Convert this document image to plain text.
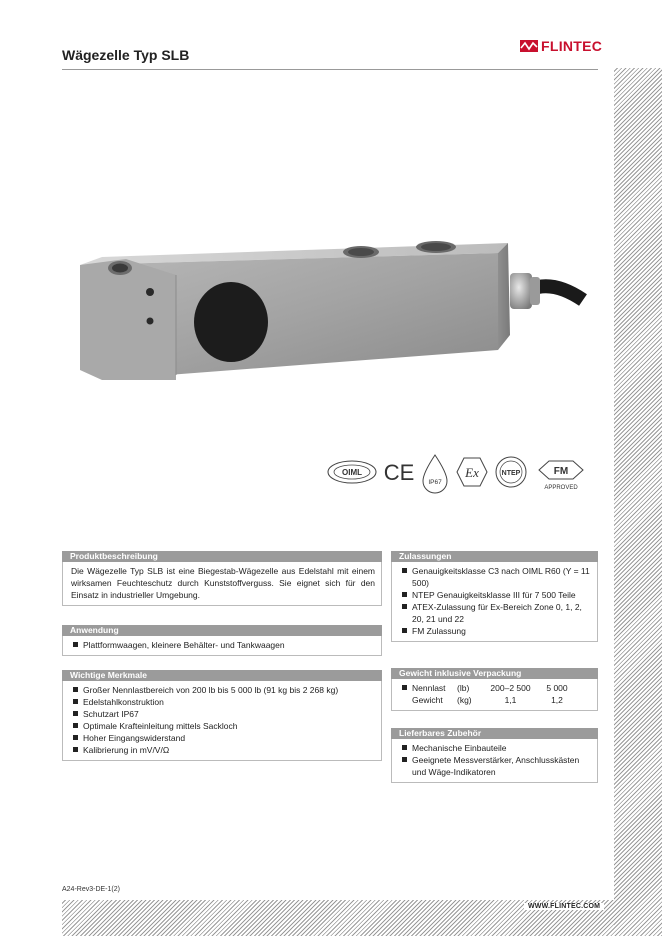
WWW.FLINTEC.COM
Wägezelle Typ SLB
FLINTEC
OIML CE IP67
Ex	NTEP	FM
APPROVED
Produktbeschreibung

Die Wägezelle Typ SLB ist eine Biegestab-Wägezelle aus Edelstahl mit einem wirksamen Feuchteschutz durch Kunststoffverguss. Sie eignet sich für den Einsatz in industrieller Umgebung.

Anwendung
Plattformwaagen, kleinere Behälter- und Tankwaagen
Wichtige Merkmale
Großer Nennlastbereich von 200 lb bis 5 000 lb (91 kg bis 2 268 kg)
Edelstahlkonstruktion
Schutzart IP67
Optimale Krafteinleitung mittels Sackloch
Hoher Eingangswiderstand
Kalibrierung in mV/V/Ω
Zulassungen
Genauigkeitsklasse C3 nach OIML R60 (Y = 11 500)
NTEP Genauigkeitsklasse III für 7 500 Teile
ATEX-Zulassung für Ex-Bereich Zone 0, 1, 2, 20, 21 und 22
FM Zulassung
Gewicht inklusive Verpackung
Nennlast	(lb)	200–2 500	5 000
Gewicht	(kg)	1,1	1,2
Lieferbares Zubehör
Mechanische Einbauteile
Geeignete Messverstärker, Anschlusskästen und Wäge-Indikatoren
A24-Rev3-DE-1(2)
